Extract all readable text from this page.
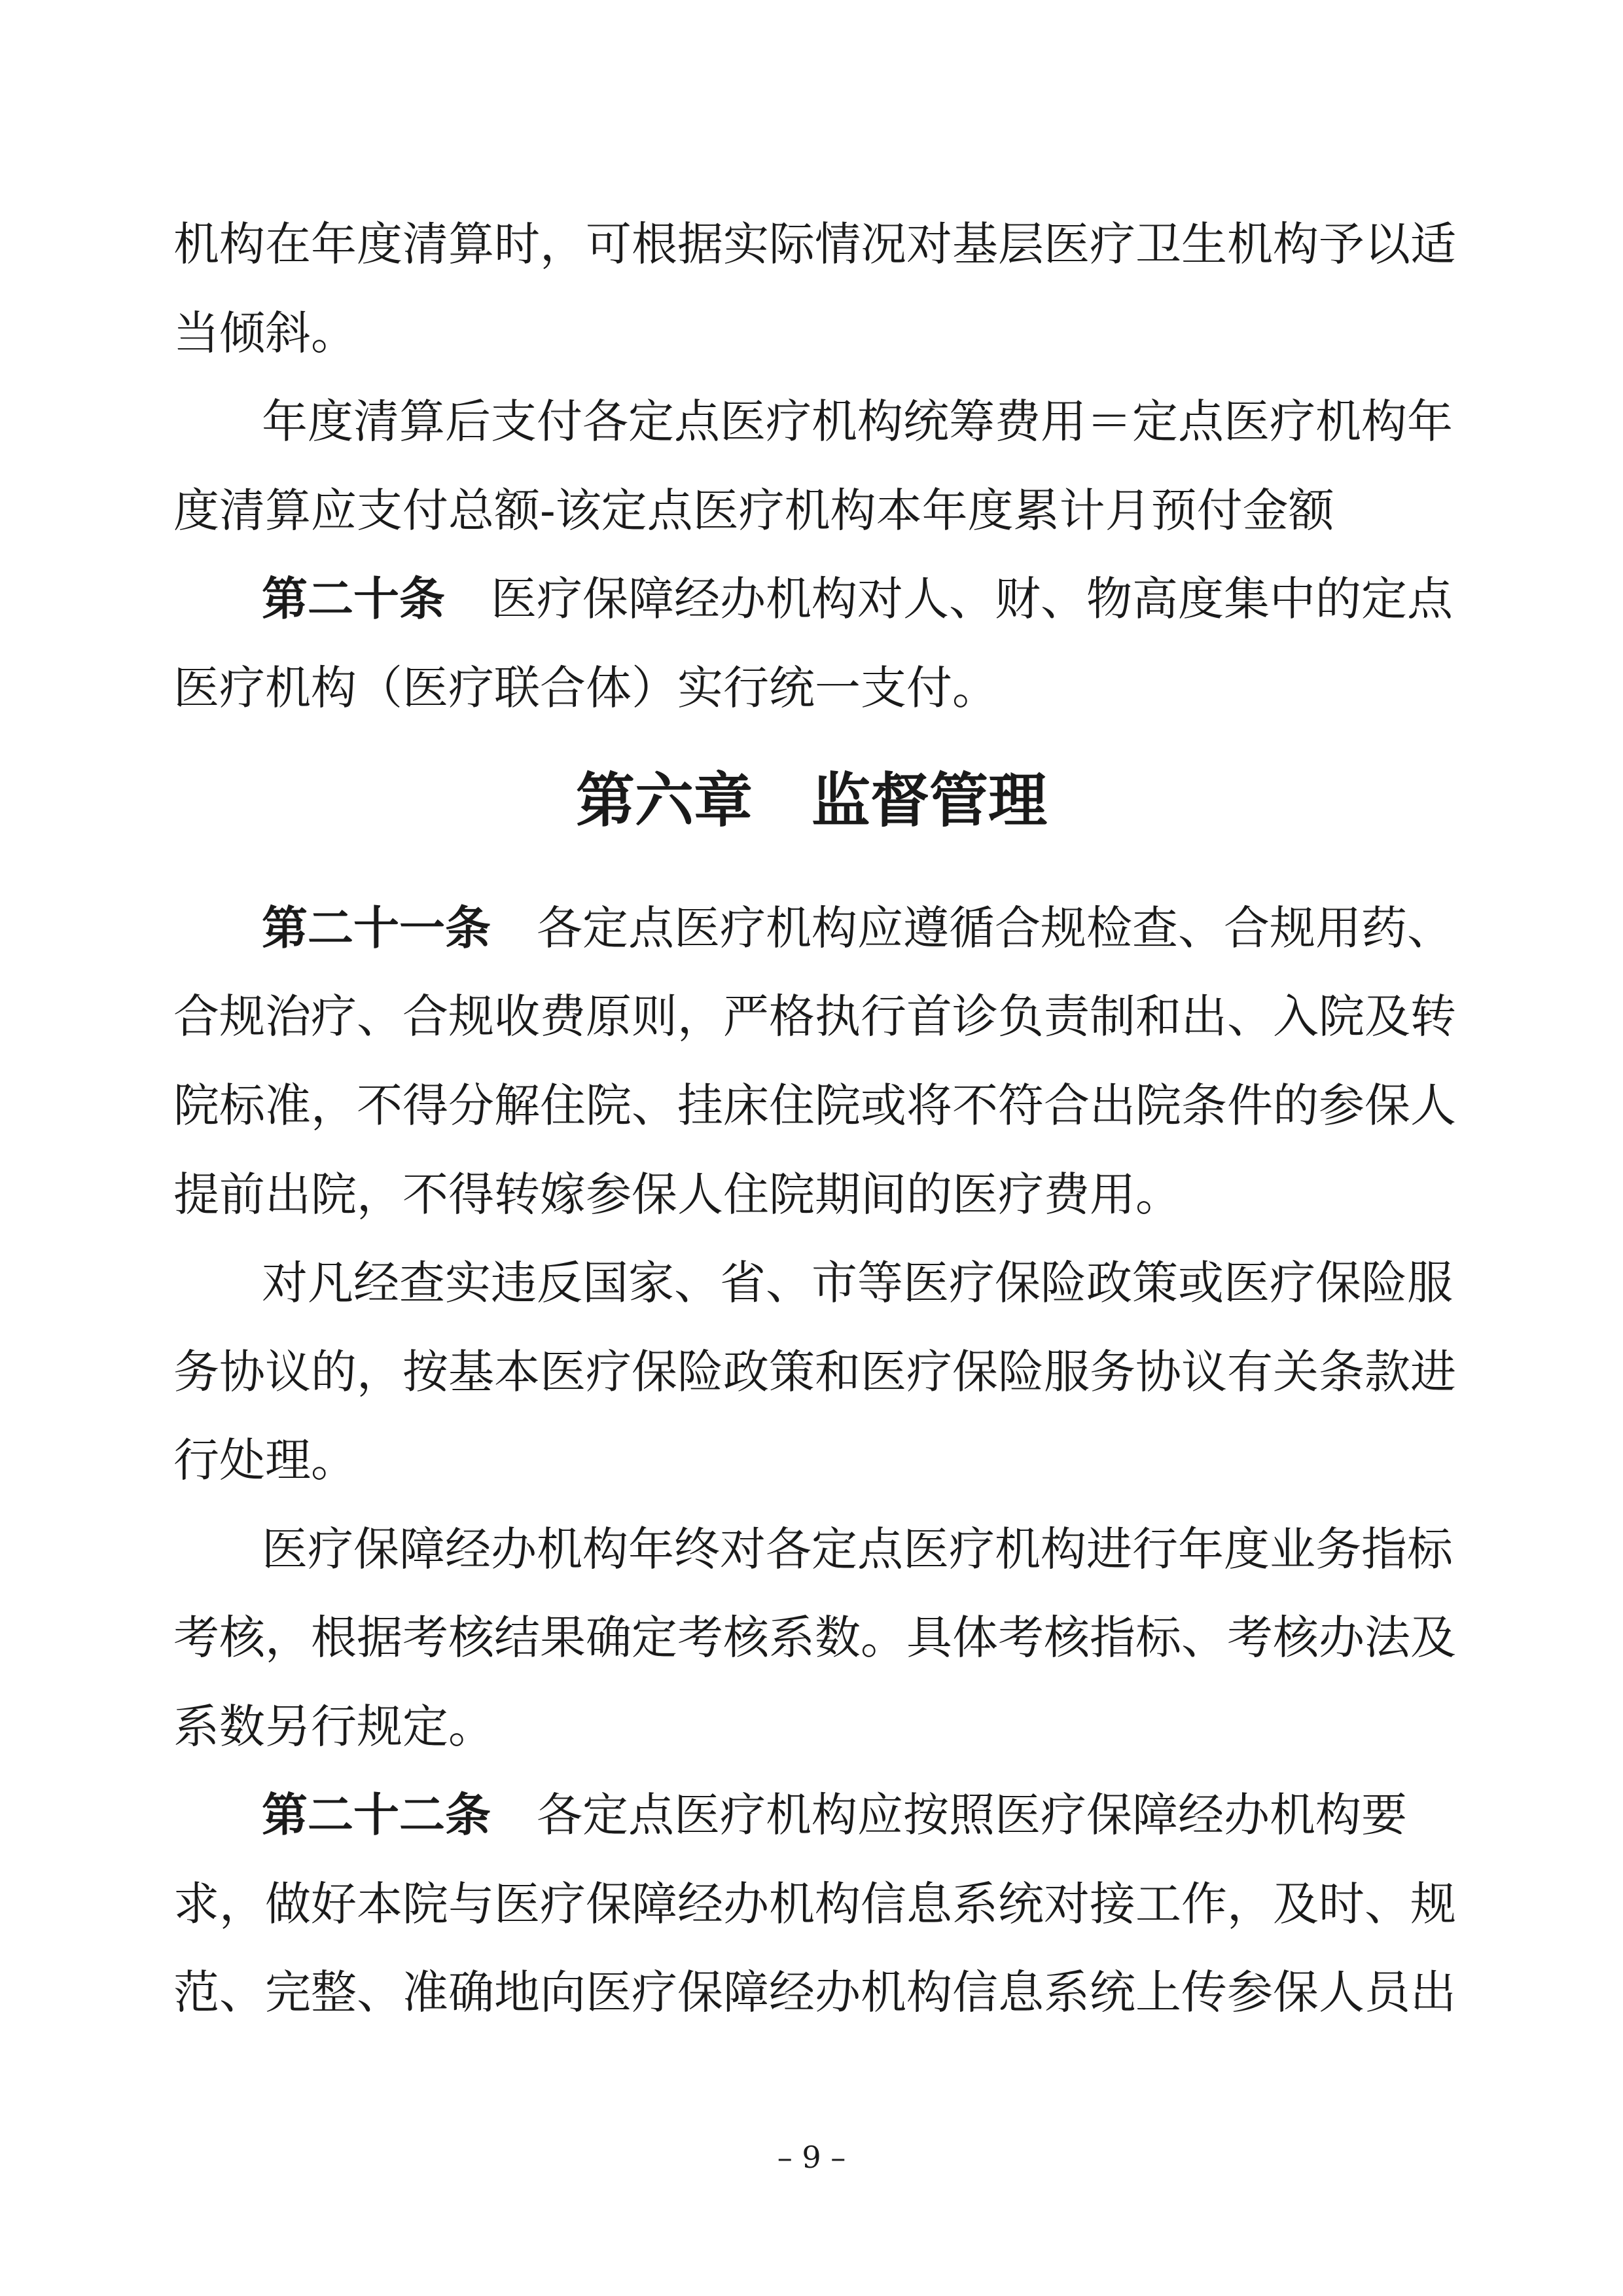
机构在年度清算时，可根据实际情况对基层医疗卫生机构予以适
当倾斜。
年度清算后支付各定点医疗机构统筹费用＝定点医疗机构年
度清算应支付总额-该定点医疗机构本年度累计月预付金额
第二十条 医疗保障经办机构对人、财、物高度集中的定点
医疗机构（医疗联合体）实行统一支付。
第六章 监督管理
第二十一条 各定点医疗机构应遵循合规检查、合规用药、
合规治疗、合规收费原则，严格执行首诊负责制和出、入院及转
院标准，不得分解住院、挂床住院或将不符合出院条件的参保人
提前出院，不得转嫁参保人住院期间的医疗费用。
对凡经查实违反国家、省、市等医疗保险政策或医疗保险服
务协议的，按基本医疗保险政策和医疗保险服务协议有关条款进
行处理。
医疗保障经办机构年终对各定点医疗机构进行年度业务指标
考核，根据考核结果确定考核系数。具体考核指标、考核办法及
系数另行规定。
第二十二条 各定点医疗机构应按照医疗保障经办机构要
求，做好本院与医疗保障经办机构信息系统对接工作，及时、规
范、完整、准确地向医疗保障经办机构信息系统上传参保人员出
– 9 –
